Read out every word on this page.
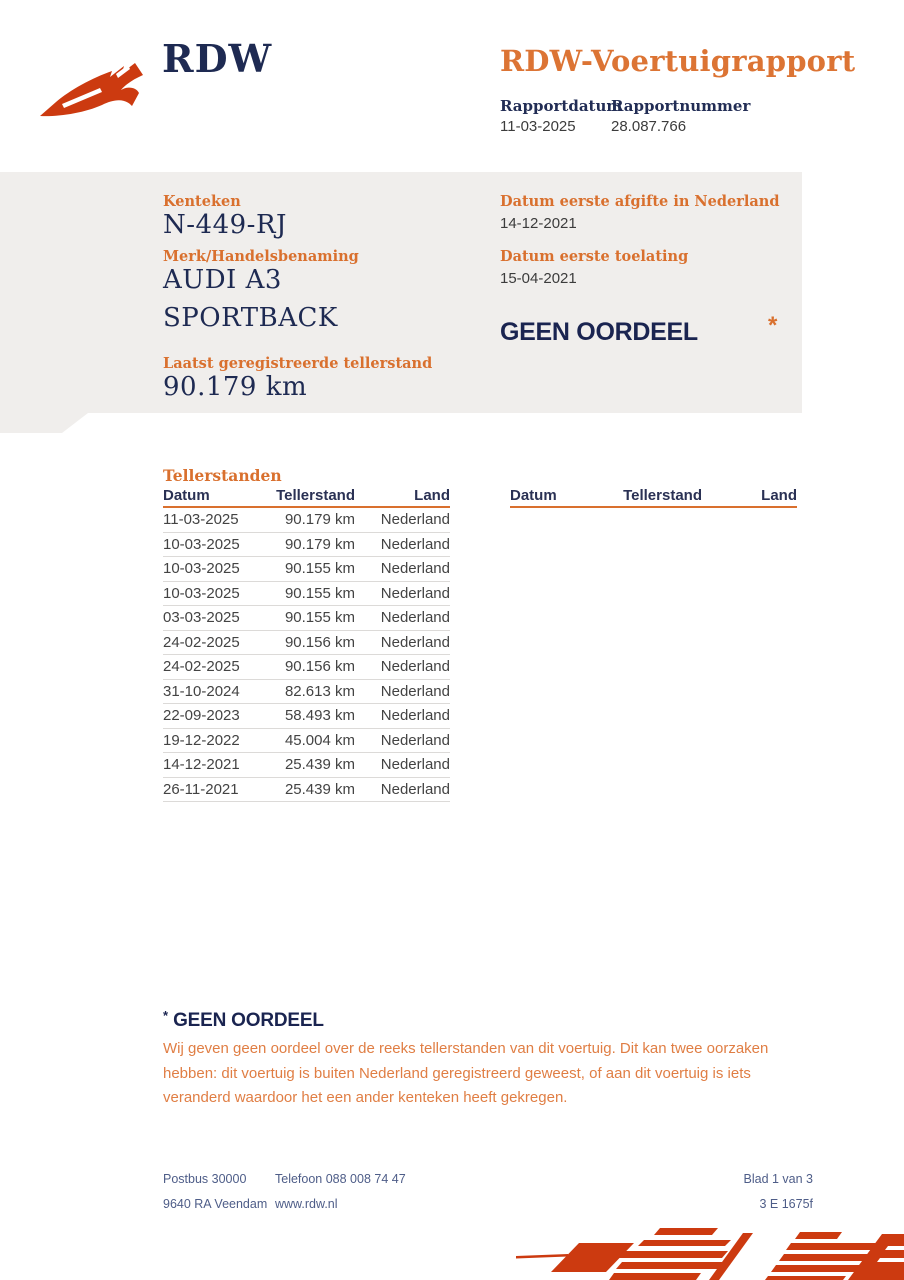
RDW	RDW-Voertuigrapport
Rapportdatum
Rapportnummer
11-03-2025 28.087.766
Kenteken
N-449-RJ
Merk/Handelsbenaming
AUDI A3
SPORTBACK
Laatst geregistreerde tellerstand
90.179 km
Datum eerste afgifte in Nederland
14-12-2021
Datum eerste toelating
15-04-2021
GEEN OORDEEL	*
Tellerstanden
Datum	Tellerstand	Land
11-03-2025	90.179 km	Nederland
10-03-2025	90.179 km	Nederland
10-03-2025	90.155 km	Nederland
10-03-2025	90.155 km	Nederland
03-03-2025	90.155 km	Nederland
24-02-2025	90.156 km	Nederland
24-02-2025	90.156 km	Nederland
31-10-2024	82.613 km	Nederland
22-09-2023	58.493 km	Nederland
19-12-2022	45.004 km	Nederland
14-12-2021	25.439 km	Nederland
26-11-2021	25.439 km	Nederland
Datum	Tellerstand	Land
* GEEN OORDEEL
Wij geven geen oordeel over de reeks tellerstanden van dit voertuig. Dit kan twee oorzaken hebben: dit voertuig is buiten Nederland geregistreerd geweest, of aan dit voertuig is iets veranderd waardoor het een ander kenteken heeft gekregen.
Postbus 30000
9640 RA Veendam
Telefoon 088 008 74 47
www.rdw.nl
Blad 1 van 3
3 E 1675f
